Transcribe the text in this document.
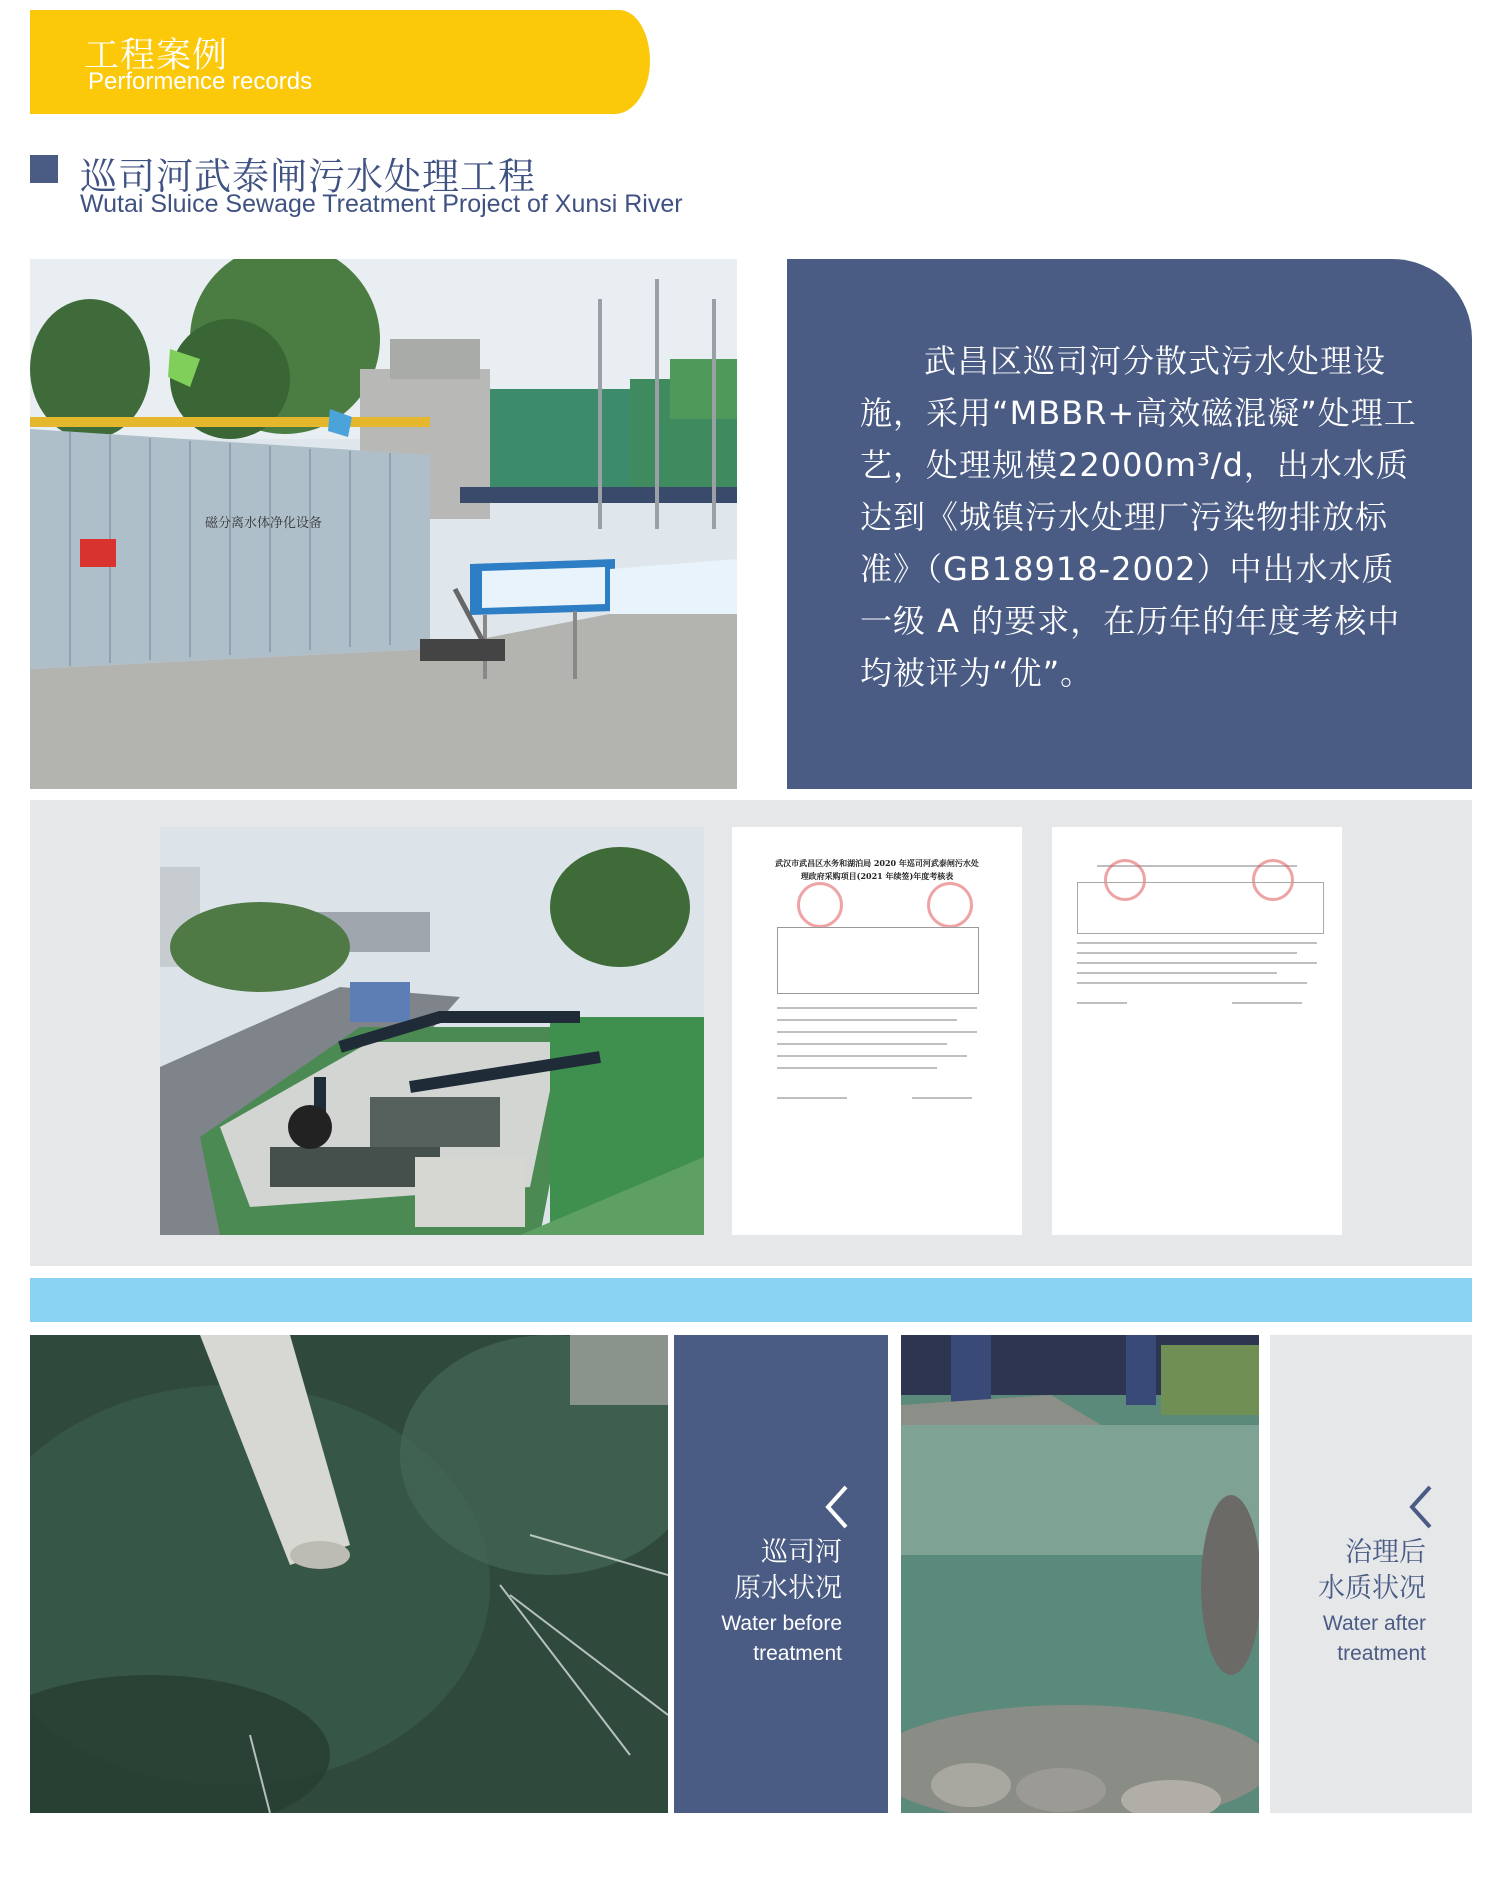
工程案例
Performence records
巡司河武泰闸污水处理工程
Wutai Sluice Sewage Treatment Project of Xunsi River
磁分离水体净化设备
武昌区巡司河分散式污水处理设施，采用“MBBR+高效磁混凝”处理工艺，处理规模22000m³/d，出水水质达到《城镇污水处理厂污染物排放标准》（GB18918-2002）中出水水质一级 A 的要求，在历年的年度考核中均被评为“优”。
武汉市武昌区水务和湖泊局 2020 年巡司河武泰闸污水处理政府采购项目(2021 年续签)年度考核表
巡司河
原水状况
Water before
treatment
治理后
水质状况
Water after
treatment
